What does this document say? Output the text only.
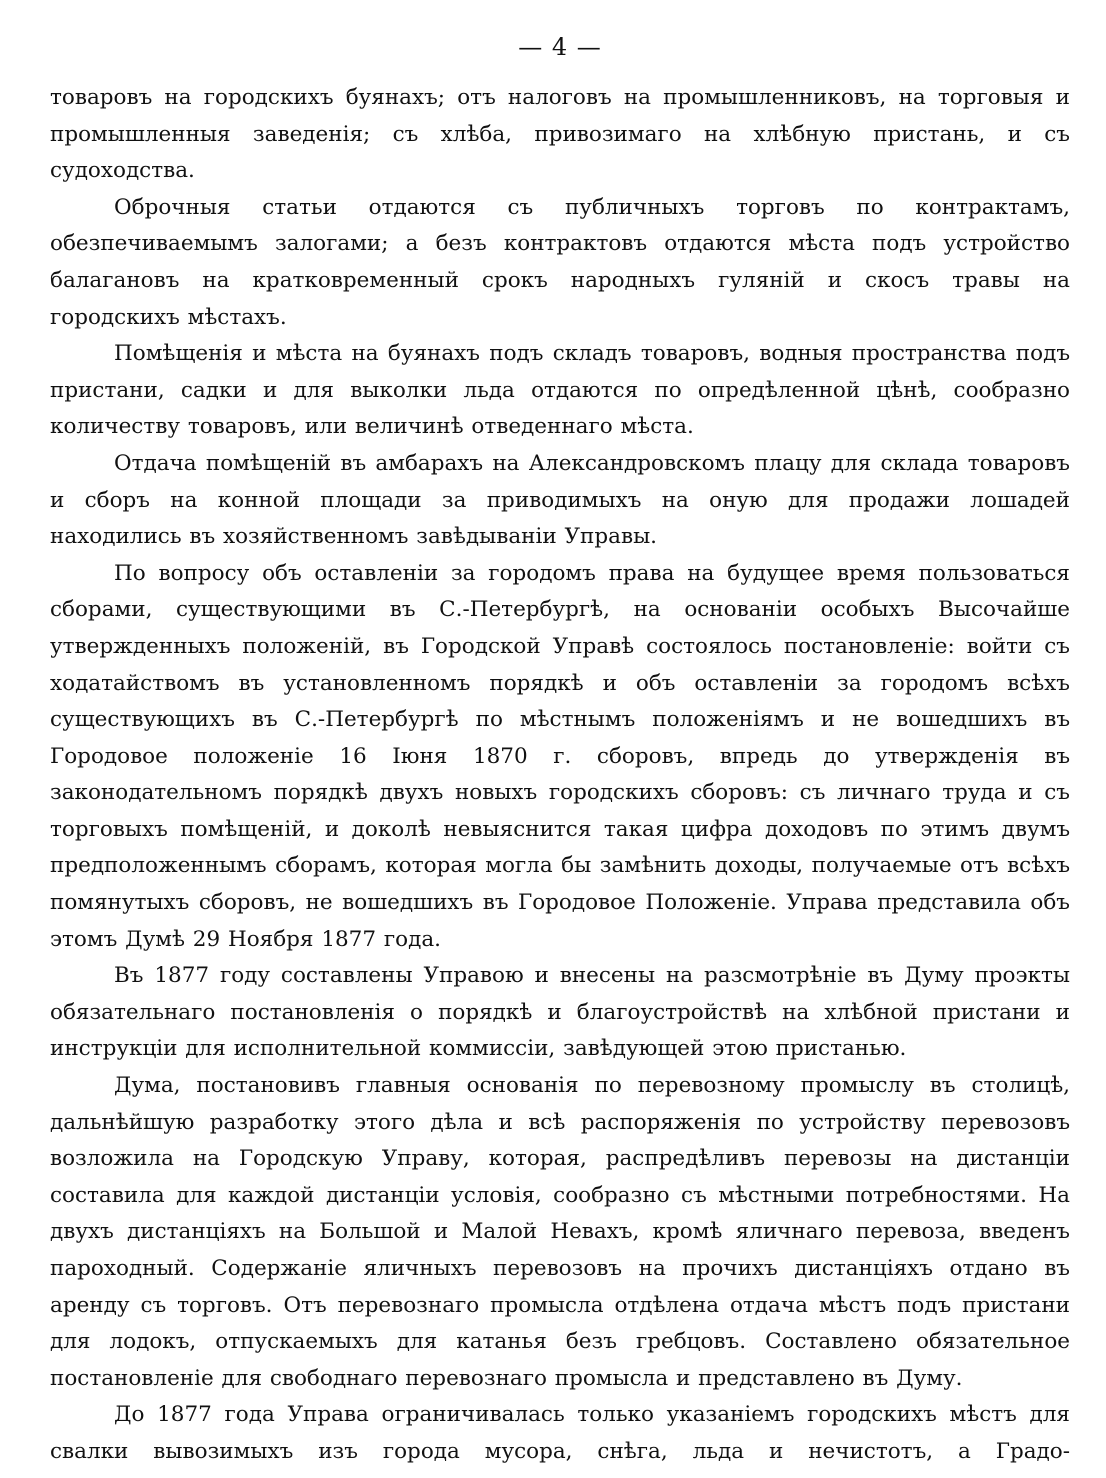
— 4 —

товаровъ на городскихъ буянахъ; отъ налоговъ на промышленниковъ, на торговыя и промышленныя заведенія; съ хлѣба, привозимаго на хлѣбную пристань, и съ судоходства.

Оброчныя статьи отдаются съ публичныхъ торговъ по контрактамъ, обезпечиваемымъ залогами; а безъ контрактовъ отдаются мѣста подъ устройство балагановъ на кратковременный срокъ народныхъ гуляній и скосъ травы на городскихъ мѣстахъ.

Помѣщенія и мѣста на буянахъ подъ складъ товаровъ, водныя пространства подъ пристани, садки и для выколки льда отдаются по опредѣленной цѣнѣ, сообразно количеству товаровъ, или величинѣ отведеннаго мѣста.

Отдача помѣщеній въ амбарахъ на Александровскомъ плацу для склада товаровъ и сборъ на конной площади за приводимыхъ на оную для продажи лошадей находились въ хозяйственномъ завѣдываніи Управы.

По вопросу объ оставленіи за городомъ права на будущее время пользоваться сборами, существующими въ С.-Петербургѣ, на основаніи особыхъ Высочайше утвержденныхъ положеній, въ Городской Управѣ состоялось постановленіе: войти съ ходатайствомъ въ установленномъ порядкѣ и объ оставленіи за городомъ всѣхъ существующихъ въ С.-Петербургѣ по мѣстнымъ положеніямъ и не вошедшихъ въ Городовое положеніе 16 Іюня 1870 г. сборовъ, впредь до утвержденія въ законодательномъ порядкѣ двухъ новыхъ городскихъ сборовъ: съ личнаго труда и съ торговыхъ помѣщеній, и доколѣ невыяснится такая цифра доходовъ по этимъ двумъ предположеннымъ сборамъ, которая могла бы замѣнить доходы, получаемые отъ всѣхъ помянутыхъ сборовъ, не вошедшихъ въ Городовое Положеніе. Управа представила объ этомъ Думѣ 29 Ноября 1877 года.

Въ 1877 году составлены Управою и внесены на разсмотрѣніе въ Думу проэкты обязательнаго постановленія о порядкѣ и благоустройствѣ на хлѣбной пристани и инструкціи для исполнительной коммиссіи, завѣдующей этою пристанью.

Дума, постановивъ главныя основанія по перевозному промыслу въ столицѣ, дальнѣйшую разработку этого дѣла и всѣ распоряженія по устройству перевозовъ возложила на Городскую Управу, которая, распредѣливъ перевозы на дистанціи составила для каждой дистанціи условія, сообразно съ мѣстными потребностями. На двухъ дистанціяхъ на Большой и Малой Невахъ, кромѣ яличнаго перевоза, введенъ пароходный. Содержаніе яличныхъ перевозовъ на прочихъ дистанціяхъ отдано въ аренду съ торговъ. Отъ перевознаго промысла отдѣлена отдача мѣстъ подъ пристани для лодокъ, отпускаемыхъ для катанья безъ гребцовъ. Составлено обязательное постановленіе для свободнаго перевознаго промысла и представлено въ Думу.

До 1877 года Управа ограничивалась только указаніемъ городскихъ мѣстъ для свалки вывозимыхъ изъ города мусора, снѣга, льда и нечистотъ, а Градо-
